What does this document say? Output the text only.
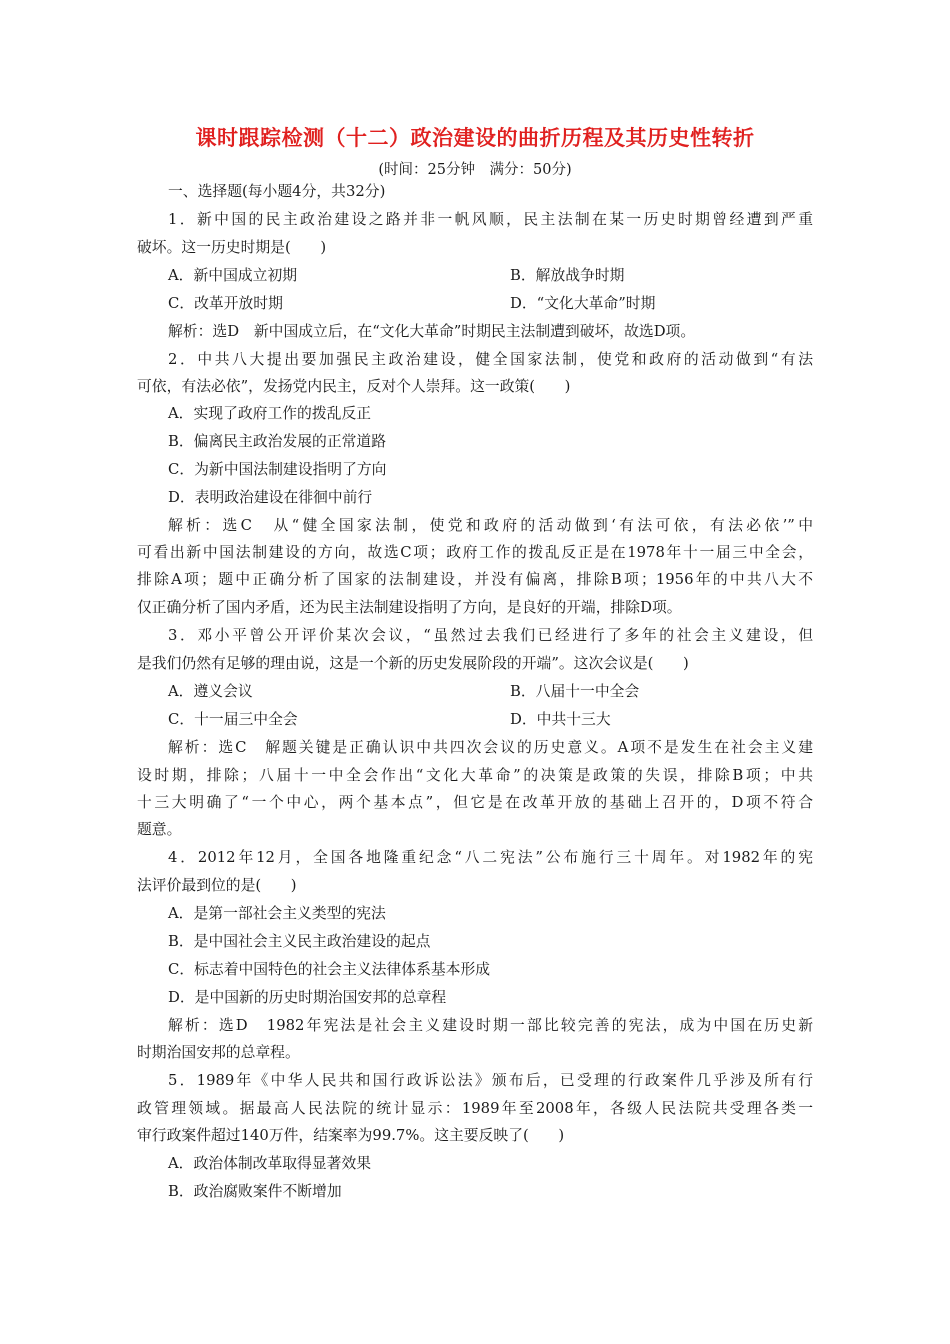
课时跟踪检测（十二）政治建设的曲折历程及其历史性转折
(时间：25分钟　满分：50分)
一、选择题(每小题4分，共32分)
1．新中国的民主政治建设之路并非一帆风顺，民主法制在某一历史时期曾经遭到严重
破坏。这一历史时期是(　　)
A．新中国成立初期	B．解放战争时期
C．改革开放时期	D．“文化大革命”时期
解析：选D　新中国成立后，在“文化大革命”时期民主法制遭到破坏，故选D项。
2．中共八大提出要加强民主政治建设，健全国家法制，使党和政府的活动做到“有法
可依，有法必依”，发扬党内民主，反对个人崇拜。这一政策(　　)
A．实现了政府工作的拨乱反正
B．偏离民主政治发展的正常道路
C．为新中国法制建设指明了方向
D．表明政治建设在徘徊中前行
解析：选C　从“健全国家法制，使党和政府的活动做到‘有法可依，有法必依’”中
可看出新中国法制建设的方向，故选C项；政府工作的拨乱反正是在1978年十一届三中全会，
排除A项；题中正确分析了国家的法制建设，并没有偏离，排除B项；1956年的中共八大不
仅正确分析了国内矛盾，还为民主法制建设指明了方向，是良好的开端，排除D项。
3．邓小平曾公开评价某次会议，“虽然过去我们已经进行了多年的社会主义建设，但
是我们仍然有足够的理由说，这是一个新的历史发展阶段的开端”。这次会议是(　　)
A．遵义会议	B．八届十一中全会
C．十一届三中全会	D．中共十三大
解析：选C　解题关键是正确认识中共四次会议的历史意义。A项不是发生在社会主义建
设时期，排除；八届十一中全会作出“文化大革命”的决策是政策的失误，排除B项；中共
十三大明确了“一个中心，两个基本点”，但它是在改革开放的基础上召开的，D项不符合
题意。
4．2012年12月，全国各地隆重纪念“八二宪法”公布施行三十周年。对1982年的宪
法评价最到位的是(　　)
A．是第一部社会主义类型的宪法
B．是中国社会主义民主政治建设的起点
C．标志着中国特色的社会主义法律体系基本形成
D．是中国新的历史时期治国安邦的总章程
解析：选D　1982年宪法是社会主义建设时期一部比较完善的宪法，成为中国在历史新
时期治国安邦的总章程。
5．1989年《中华人民共和国行政诉讼法》颁布后，已受理的行政案件几乎涉及所有行
政管理领域。据最高人民法院的统计显示：1989年至2008年，各级人民法院共受理各类一
审行政案件超过140万件，结案率为99.7%。这主要反映了(　　)
A．政治体制改革取得显著效果
B．政治腐败案件不断增加
